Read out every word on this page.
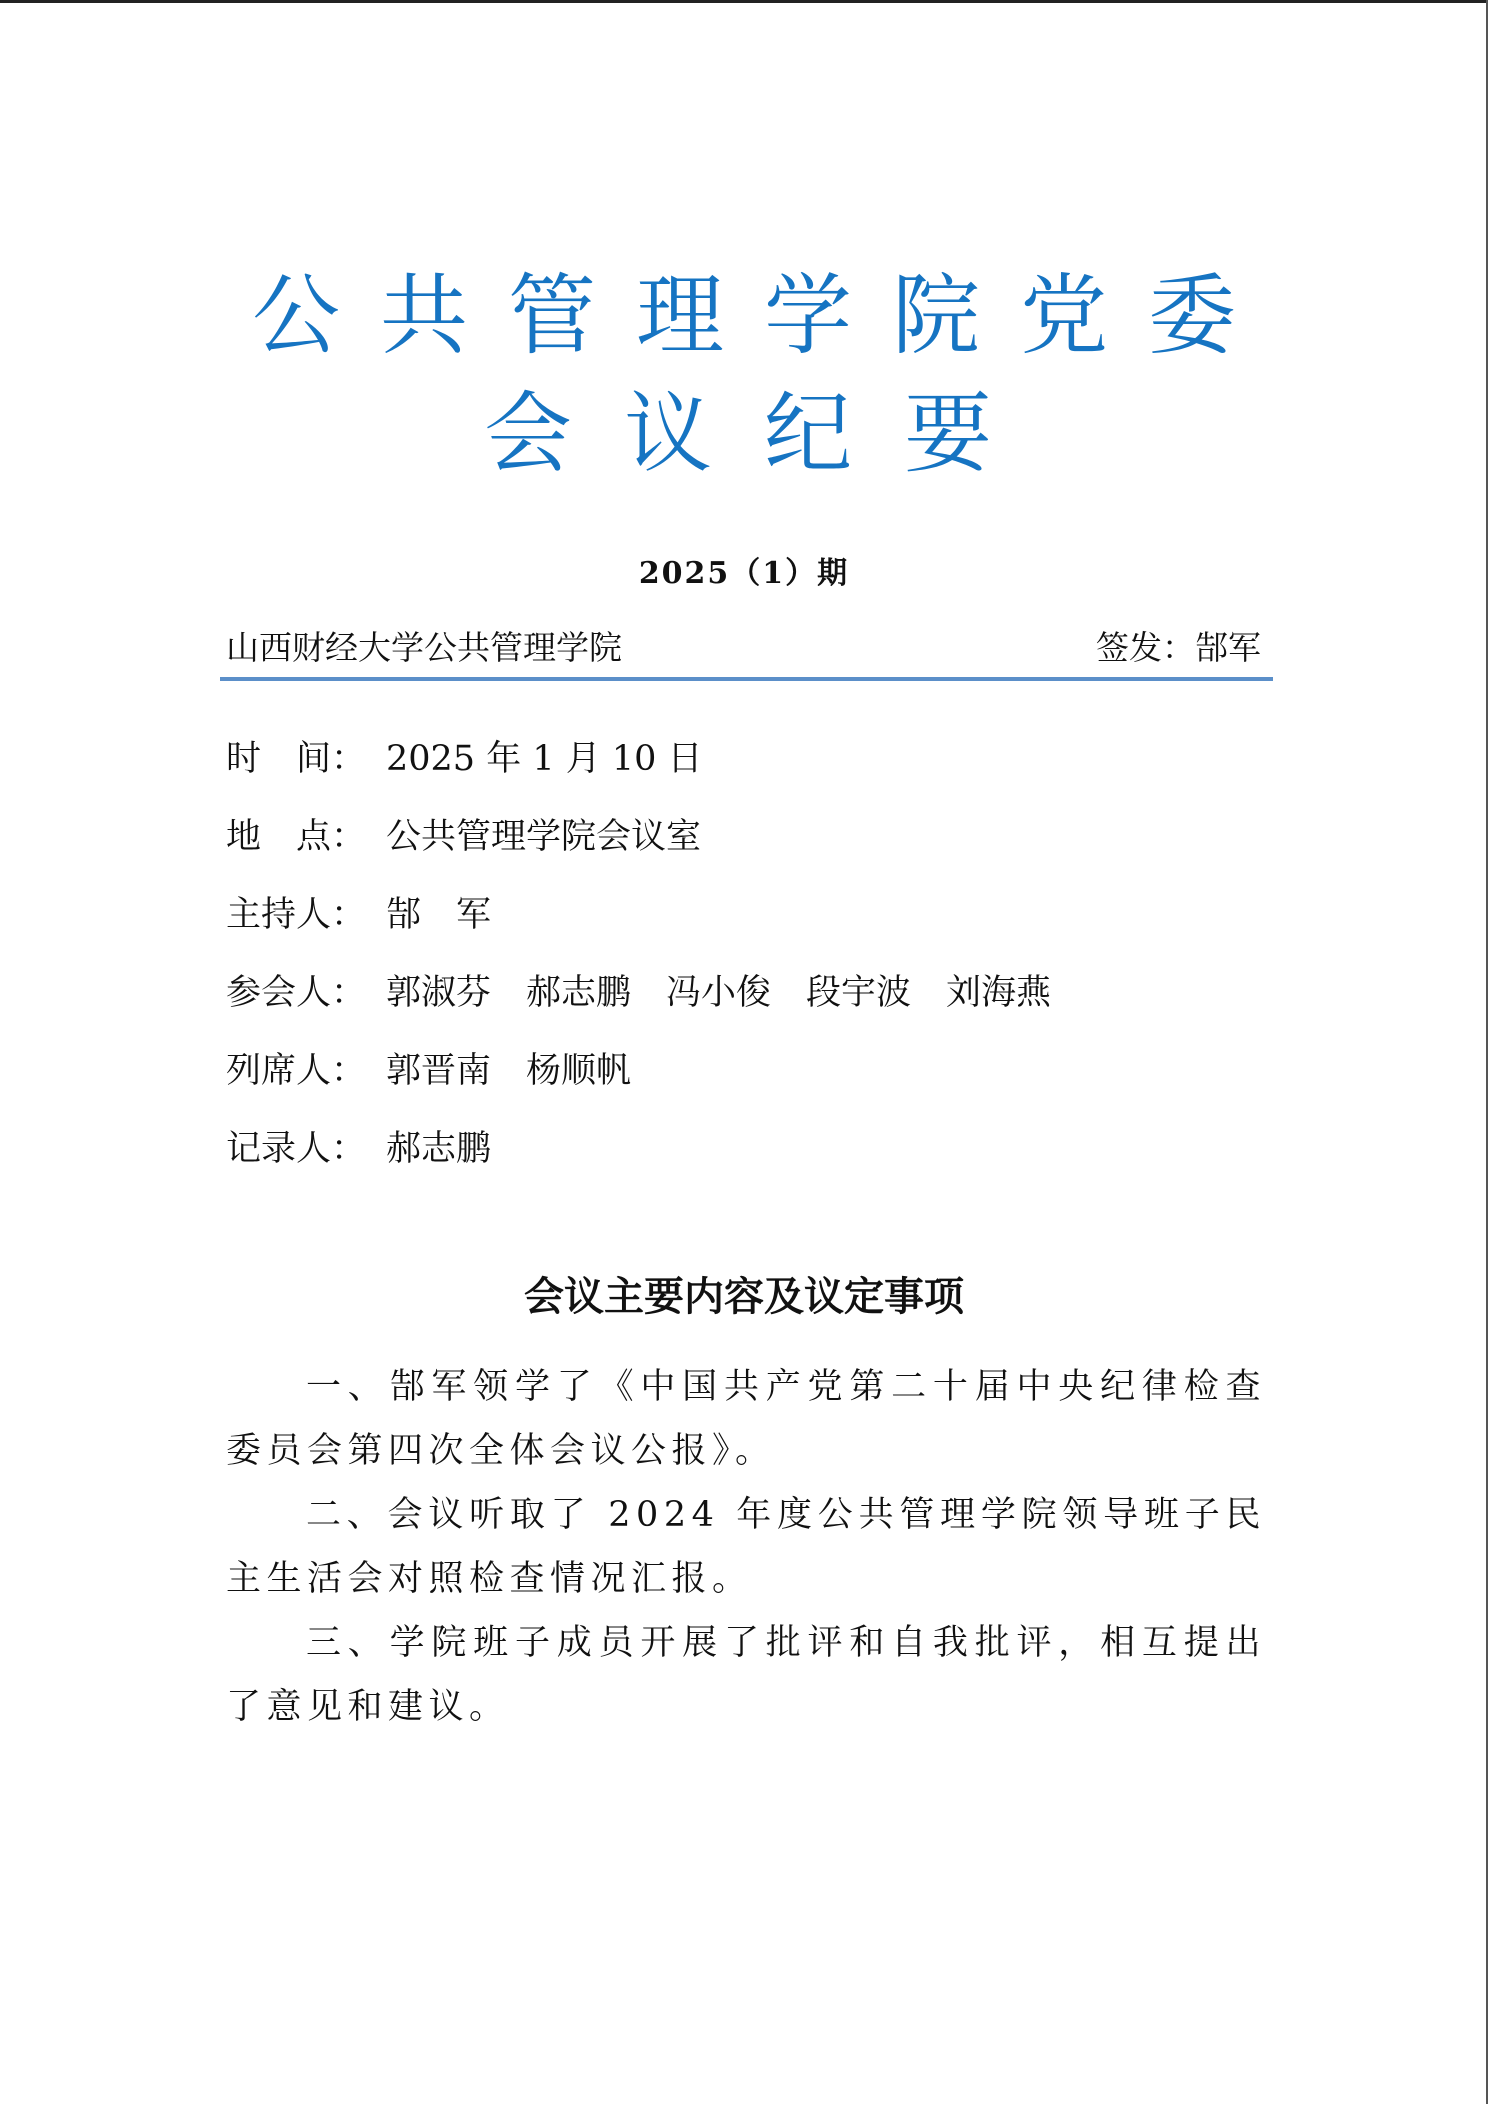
公共管理学院党委
会议纪要
2025（1）期
山西财经大学公共管理学院	签发：郜军
时　间： 2025 年 1 月 10 日
地　点： 公共管理学院会议室
主持人： 郜　军
参会人： 郭淑芬　郝志鹏　冯小俊　段宇波　刘海燕
列席人： 郭晋南　杨顺帆
记录人： 郝志鹏
会议主要内容及议定事项

一、郜军领学了《中国共产党第二十届中央纪律检查委员会第四次全体会议公报》。

二、会议听取了 2024 年度公共管理学院领导班子民主生活会对照检查情况汇报。

三、学院班子成员开展了批评和自我批评，相互提出了意见和建议。
